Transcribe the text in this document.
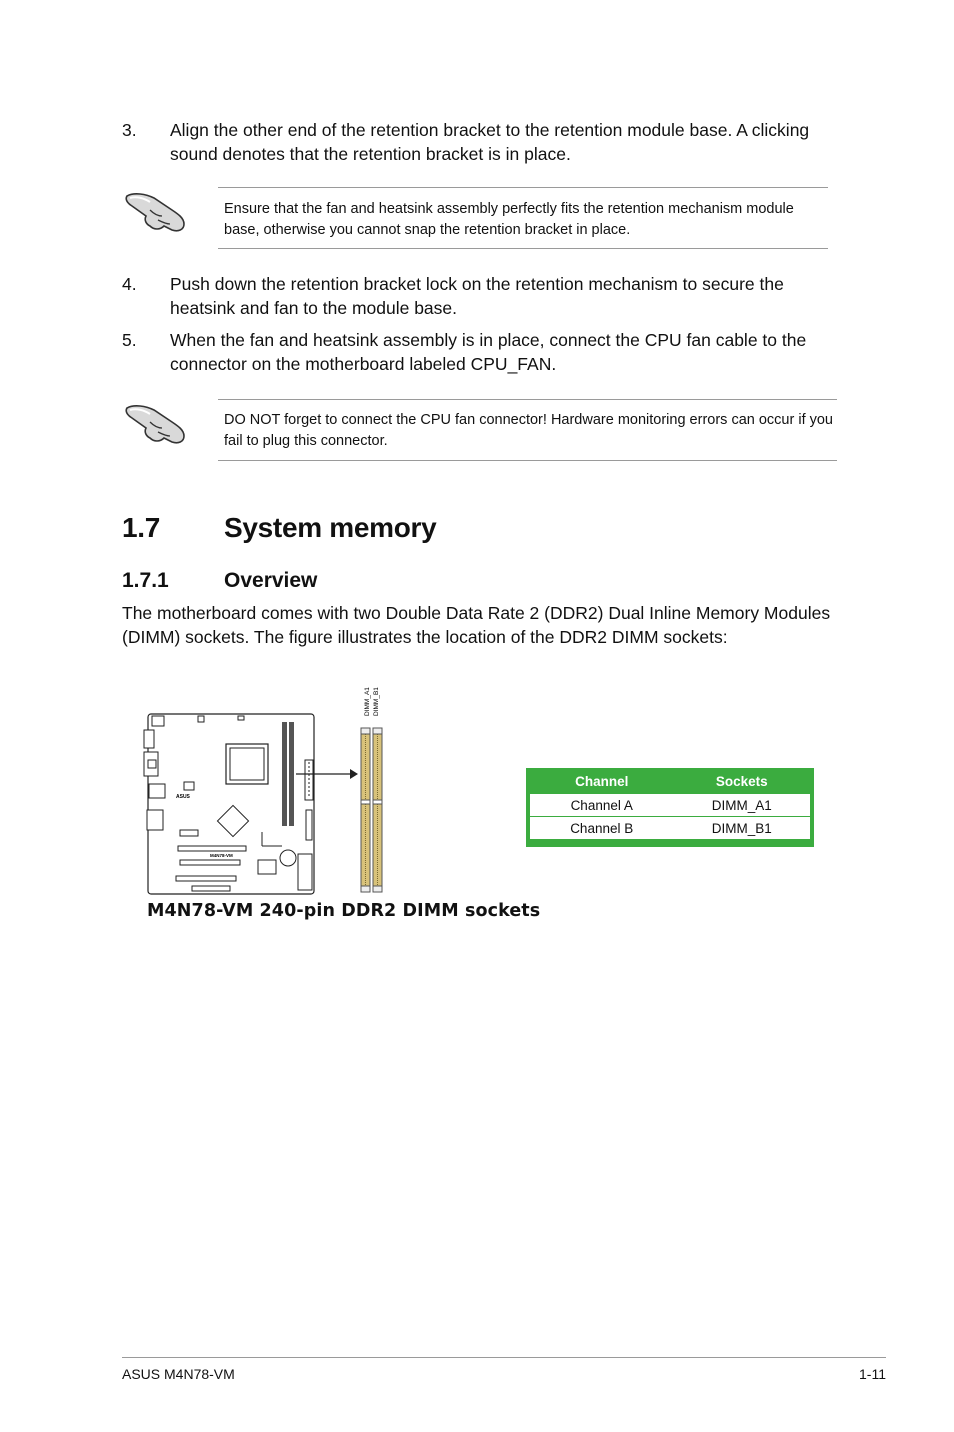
3. Align the other end of the retention bracket to the retention module base. A clicking sound denotes that the retention bracket is in place.
Ensure that the fan and heatsink assembly perfectly fits the retention mechanism module base, otherwise you cannot snap the retention bracket in place.
4. Push down the retention bracket lock on the retention mechanism to secure the heatsink and fan to the module base.
5. When the fan and heatsink assembly is in place, connect the CPU fan cable to the connector on the motherboard labeled CPU_FAN.
DO NOT forget to connect the CPU fan connector! Hardware monitoring errors can occur if you fail to plug this connector.
1.7 System memory
1.7.1	Overview
The motherboard comes with two Double Data Rate 2 (DDR2) Dual Inline Memory Modules (DIMM) sockets. The figure illustrates the location of the DDR2 DIMM sockets:
ASUS
M4N78-VM
DIMM_A1 DIMM_B1
M4N78-VM 240-pin DDR2 DIMM sockets
Channel	Sockets
Channel A	DIMM_A1
Channel B	DIMM_B1
ASUS M4N78-VM	1-11
